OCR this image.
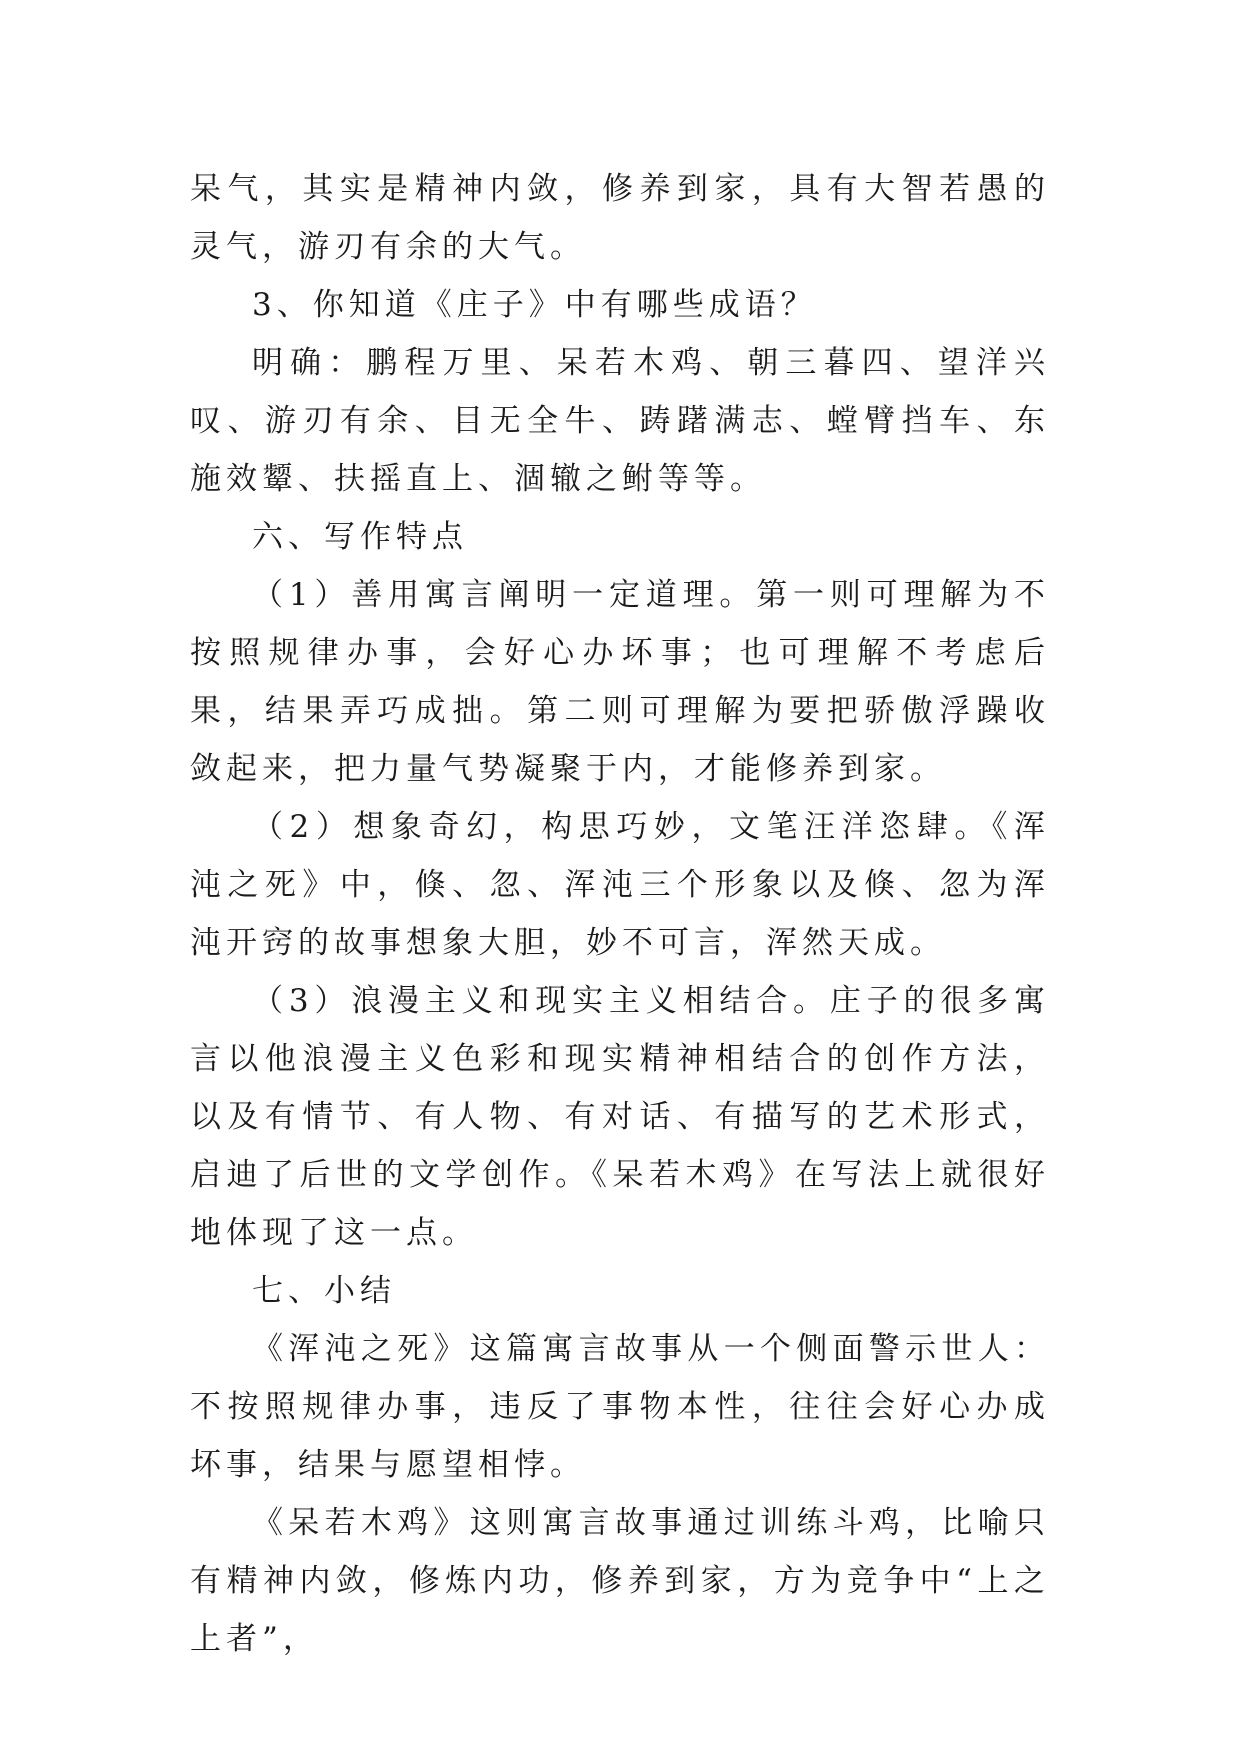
呆气，其实是精神内敛，修养到家，具有大智若愚的灵气，游刃有余的大气。

3、你知道《庄子》中有哪些成语？

明确：鹏程万里、呆若木鸡、朝三暮四、望洋兴叹、游刃有余、目无全牛、踌躇满志、螳臂挡车、东施效颦、扶摇直上、涸辙之鲋等等。

六、写作特点

（1）善用寓言阐明一定道理。第一则可理解为不按照规律办事，会好心办坏事；也可理解不考虑后果，结果弄巧成拙。第二则可理解为要把骄傲浮躁收敛起来，把力量气势凝聚于内，才能修养到家。

（2）想象奇幻，构思巧妙，文笔汪洋恣肆。《浑沌之死》中，倏、忽、浑沌三个形象以及倏、忽为浑沌开窍的故事想象大胆，妙不可言，浑然天成。

（3）浪漫主义和现实主义相结合。庄子的很多寓言以他浪漫主义色彩和现实精神相结合的创作方法，以及有情节、有人物、有对话、有描写的艺术形式，启迪了后世的文学创作。《呆若木鸡》在写法上就很好地体现了这一点。

七、小结

《浑沌之死》这篇寓言故事从一个侧面警示世人：不按照规律办事，违反了事物本性，往往会好心办成坏事，结果与愿望相悖。

《呆若木鸡》这则寓言故事通过训练斗鸡，比喻只有精神内敛，修炼内功，修养到家，方为竞争中“上之上者”，
